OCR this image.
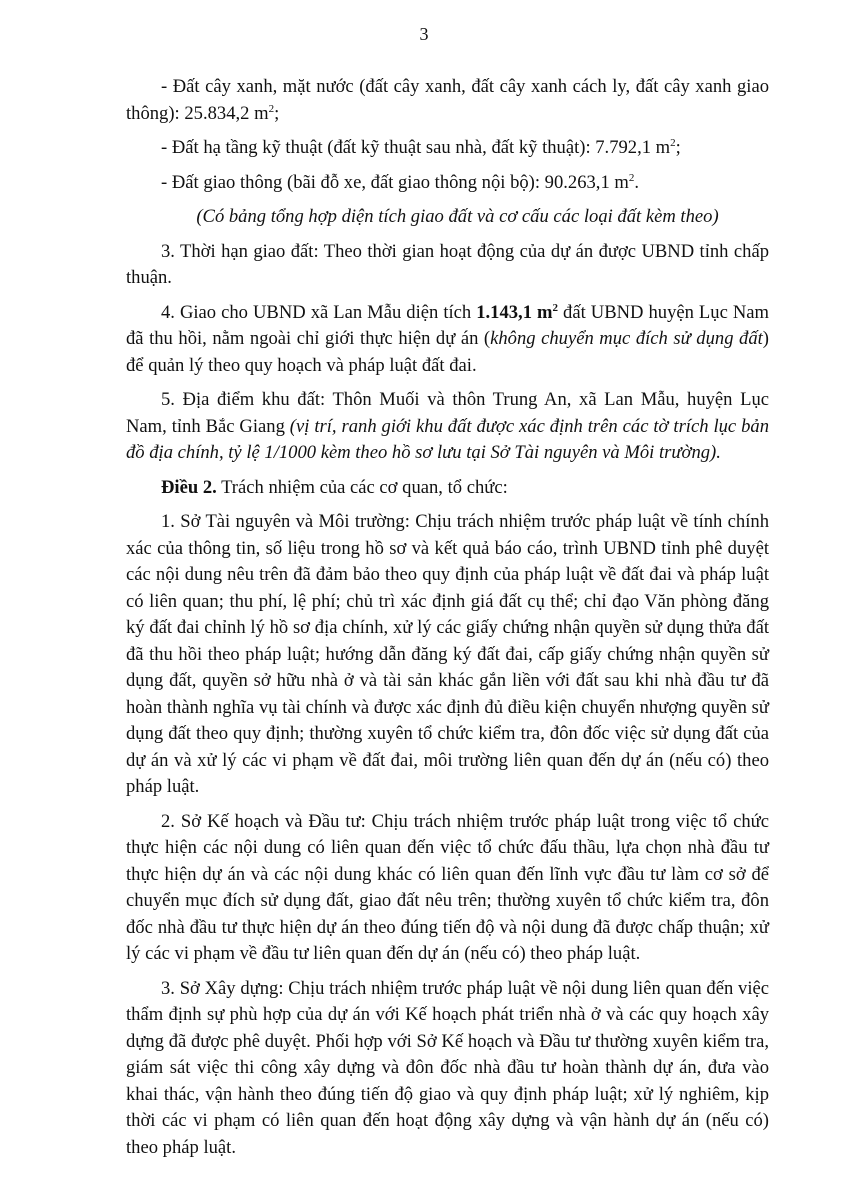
3

- Đất cây xanh, mặt nước (đất cây xanh, đất cây xanh cách ly, đất cây xanh giao thông): 25.834,2 $m^2$;

- Đất hạ tầng kỹ thuật (đất kỹ thuật sau nhà, đất kỹ thuật): 7.792,1 $m^2$;

- Đất giao thông (bãi đỗ xe, đất giao thông nội bộ): 90.263,1 $m^2$.

(Có bảng tổng hợp diện tích giao đất và cơ cấu các loại đất kèm theo)

3. Thời hạn giao đất: Theo thời gian hoạt động của dự án được UBND tỉnh chấp thuận.

4. Giao cho UBND xã Lan Mẫu diện tích 1.143,1 $m^2$ đất UBND huyện Lục Nam đã thu hồi, nằm ngoài chỉ giới thực hiện dự án (không chuyển mục đích sử dụng đất) để quản lý theo quy hoạch và pháp luật đất đai.

5. Địa điểm khu đất: Thôn Muối và thôn Trung An, xã Lan Mẫu, huyện Lục Nam, tỉnh Bắc Giang (vị trí, ranh giới khu đất được xác định trên các tờ trích lục bản đồ địa chính, tỷ lệ 1/1000 kèm theo hồ sơ lưu tại Sở Tài nguyên và Môi trường).

Điều 2. Trách nhiệm của các cơ quan, tổ chức:

1. Sở Tài nguyên và Môi trường: Chịu trách nhiệm trước pháp luật về tính chính xác của thông tin, số liệu trong hồ sơ và kết quả báo cáo, trình UBND tỉnh phê duyệt các nội dung nêu trên đã đảm bảo theo quy định của pháp luật về đất đai và pháp luật có liên quan; thu phí, lệ phí; chủ trì xác định giá đất cụ thể; chỉ đạo Văn phòng đăng ký đất đai chỉnh lý hồ sơ địa chính, xử lý các giấy chứng nhận quyền sử dụng thửa đất đã thu hồi theo pháp luật; hướng dẫn đăng ký đất đai, cấp giấy chứng nhận quyền sử dụng đất, quyền sở hữu nhà ở và tài sản khác gắn liền với đất sau khi nhà đầu tư đã hoàn thành nghĩa vụ tài chính và được xác định đủ điều kiện chuyển nhượng quyền sử dụng đất theo quy định; thường xuyên tổ chức kiểm tra, đôn đốc việc sử dụng đất của dự án và xử lý các vi phạm về đất đai, môi trường liên quan đến dự án (nếu có) theo pháp luật.

2. Sở Kế hoạch và Đầu tư: Chịu trách nhiệm trước pháp luật trong việc tổ chức thực hiện các nội dung có liên quan đến việc tổ chức đấu thầu, lựa chọn nhà đầu tư thực hiện dự án và các nội dung khác có liên quan đến lĩnh vực đầu tư làm cơ sở để chuyển mục đích sử dụng đất, giao đất nêu trên; thường xuyên tổ chức kiểm tra, đôn đốc nhà đầu tư thực hiện dự án theo đúng tiến độ và nội dung đã được chấp thuận; xử lý các vi phạm về đầu tư liên quan đến dự án (nếu có) theo pháp luật.

3. Sở Xây dựng: Chịu trách nhiệm trước pháp luật về nội dung liên quan đến việc thẩm định sự phù hợp của dự án với Kế hoạch phát triển nhà ở và các quy hoạch xây dựng đã được phê duyệt. Phối hợp với Sở Kế hoạch và Đầu tư thường xuyên kiểm tra, giám sát việc thi công xây dựng và đôn đốc nhà đầu tư hoàn thành dự án, đưa vào khai thác, vận hành theo đúng tiến độ giao và quy định pháp luật; xử lý nghiêm, kịp thời các vi phạm có liên quan đến hoạt động xây dựng và vận hành dự án (nếu có) theo pháp luật.
